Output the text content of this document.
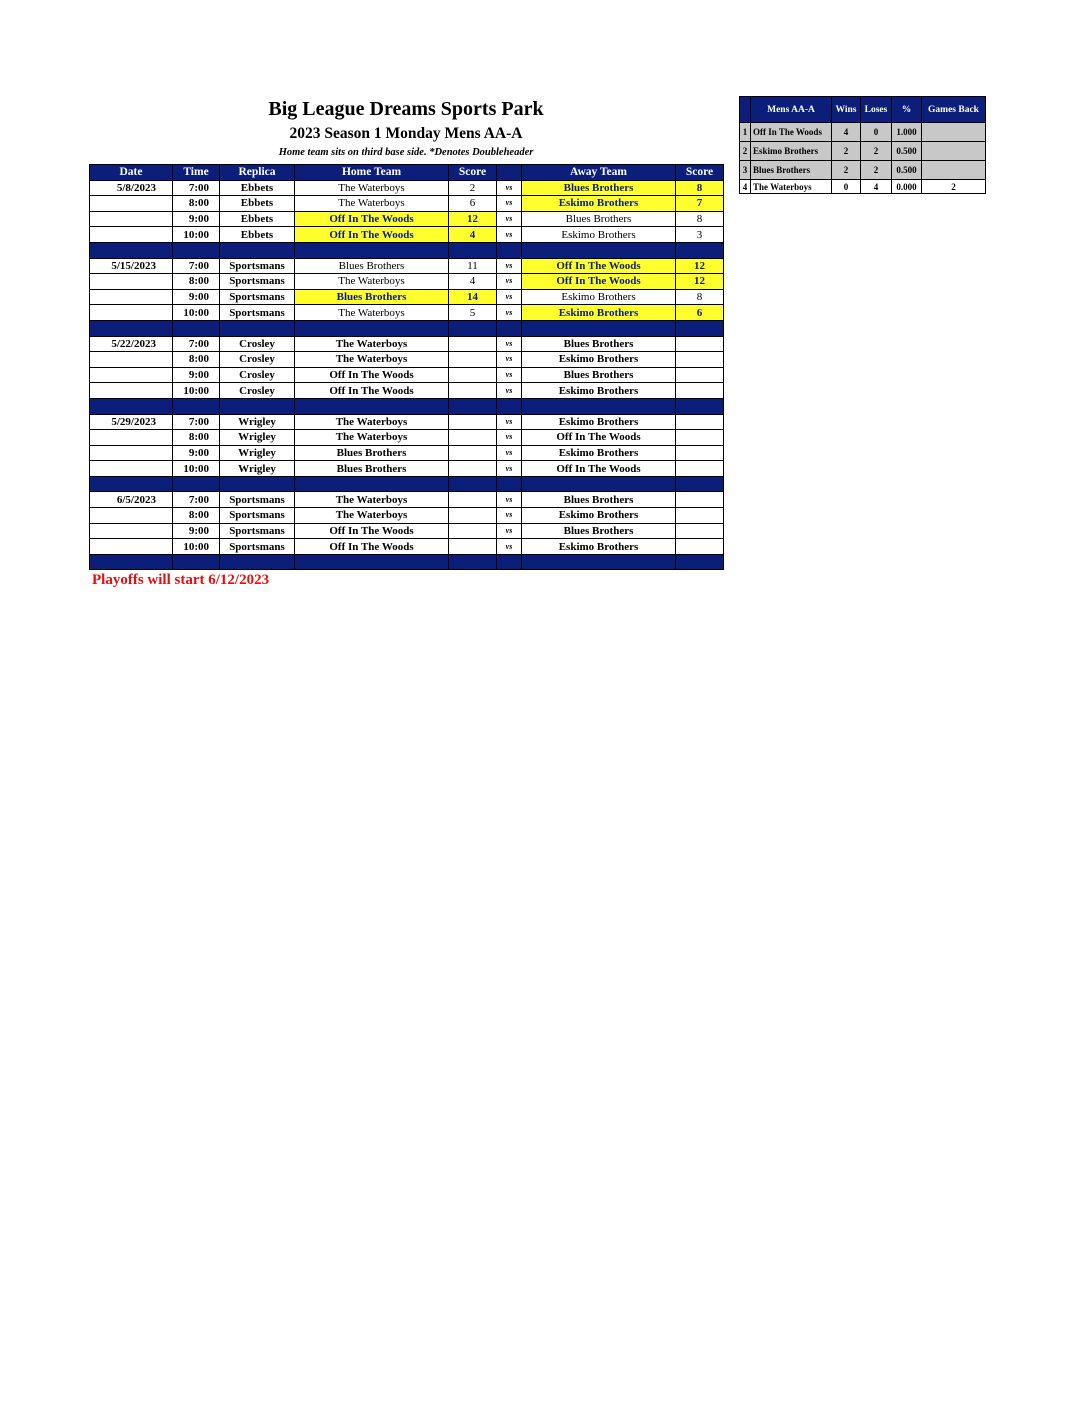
Big League Dreams Sports Park
2023 Season 1 Monday Mens AA-A
Home team sits on third base side. *Denotes Doubleheader
Date	Time	Replica	Home Team	Score		Away Team	Score
5/8/2023	7:00	Ebbets	The Waterboys	2	vs	Blues Brothers	8
	8:00	Ebbets	The Waterboys	6	vs	Eskimo Brothers	7
	9:00	Ebbets	Off In The Woods	12	vs	Blues Brothers	8
	10:00	Ebbets	Off In The Woods	4	vs	Eskimo Brothers	3

5/15/2023	7:00	Sportsmans	Blues Brothers	11	vs	Off In The Woods	12
	8:00	Sportsmans	The Waterboys	4	vs	Off In The Woods	12
	9:00	Sportsmans	Blues Brothers	14	vs	Eskimo Brothers	8
	10:00	Sportsmans	The Waterboys	5	vs	Eskimo Brothers	6

5/22/2023	7:00	Crosley	The Waterboys		vs	Blues Brothers	
	8:00	Crosley	The Waterboys		vs	Eskimo Brothers	
	9:00	Crosley	Off In The Woods		vs	Blues Brothers	
	10:00	Crosley	Off In The Woods		vs	Eskimo Brothers	

5/29/2023	7:00	Wrigley	The Waterboys		vs	Eskimo Brothers	
	8:00	Wrigley	The Waterboys		vs	Off In The Woods	
	9:00	Wrigley	Blues Brothers		vs	Eskimo Brothers	
	10:00	Wrigley	Blues Brothers		vs	Off In The Woods	

6/5/2023	7:00	Sportsmans	The Waterboys		vs	Blues Brothers	
	8:00	Sportsmans	The Waterboys		vs	Eskimo Brothers	
	9:00	Sportsmans	Off In The Woods		vs	Blues Brothers	
	10:00	Sportsmans	Off In The Woods		vs	Eskimo Brothers	

	Mens AA-A	Wins	Loses	%	Games Back
1	Off In The Woods	4	0	1.000	
2	Eskimo Brothers	2	2	0.500	
3	Blues Brothers	2	2	0.500	
4	The Waterboys	0	4	0.000	2
Playoffs will start 6/12/2023
